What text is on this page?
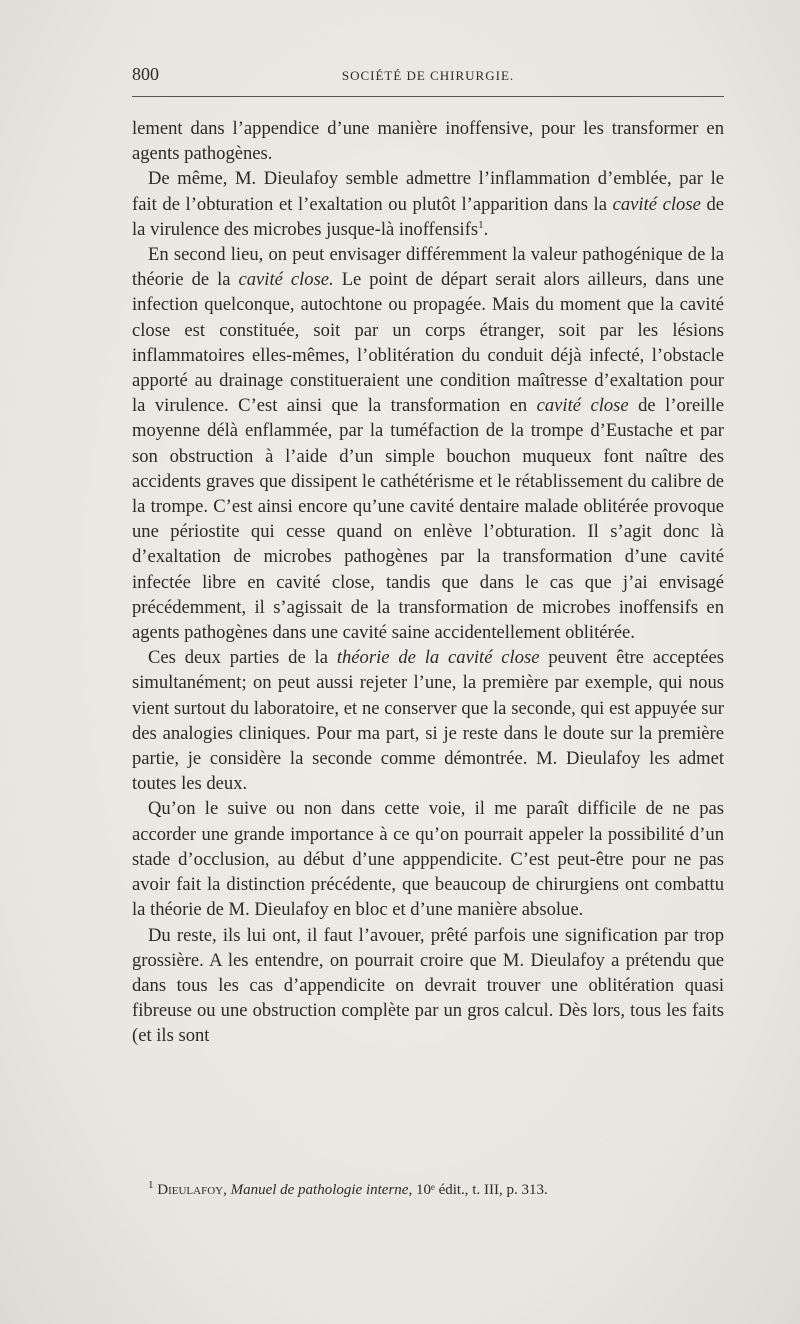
800	SOCIÉTÉ DE CHIRURGIE.

lement dans l’appendice d’une manière inoffensive, pour les transformer en agents pathogènes.

De même, M. Dieulafoy semble admettre l’inflammation d’emblée, par le fait de l’obturation et l’exaltation ou plutôt l’apparition dans la cavité close de la virulence des microbes jusque-là inoffensifs$^1$.

En second lieu, on peut envisager différemment la valeur pathogénique de la théorie de la cavité close. Le point de départ serait alors ailleurs, dans une infection quelconque, autochtone ou propagée. Mais du moment que la cavité close est constituée, soit par un corps étranger, soit par les lésions inflammatoires elles-mêmes, l’oblitération du conduit déjà infecté, l’obstacle apporté au drainage constitueraient une condition maîtresse d’exaltation pour la virulence. C’est ainsi que la transformation en cavité close de l’oreille moyenne délà enflammée, par la tuméfaction de la trompe d’Eustache et par son obstruction à l’aide d’un simple bouchon muqueux font naître des accidents graves que dissipent le cathétérisme et le rétablissement du calibre de la trompe. C’est ainsi encore qu’une cavité dentaire malade oblitérée provoque une périostite qui cesse quand on enlève l’obturation. Il s’agit donc là d’exaltation de microbes pathogènes par la transformation d’une cavité infectée libre en cavité close, tandis que dans le cas que j’ai envisagé précédemment, il s’agissait de la transformation de microbes inoffensifs en agents pathogènes dans une cavité saine accidentellement oblitérée.

Ces deux parties de la théorie de la cavité close peuvent être acceptées simultanément; on peut aussi rejeter l’une, la première par exemple, qui nous vient surtout du laboratoire, et ne conserver que la seconde, qui est appuyée sur des analogies cliniques. Pour ma part, si je reste dans le doute sur la première partie, je considère la seconde comme démontrée. M. Dieulafoy les admet toutes les deux.

Qu’on le suive ou non dans cette voie, il me paraît difficile de ne pas accorder une grande importance à ce qu’on pourrait appeler la possibilité d’un stade d’occlusion, au début d’une apppendicite. C’est peut-être pour ne pas avoir fait la distinction précédente, que beaucoup de chirurgiens ont combattu la théorie de M. Dieulafoy en bloc et d’une manière absolue.

Du reste, ils lui ont, il faut l’avouer, prêté parfois une signification par trop grossière. A les entendre, on pourrait croire que M. Dieulafoy a prétendu que dans tous les cas d’appendicite on devrait trouver une oblitération quasi fibreuse ou une obstruction complète par un gros calcul. Dès lors, tous les faits (et ils sont

$^1$ Dieulafoy, Manuel de pathologie interne, 10ᵉ édit., t. III, p. 313.
